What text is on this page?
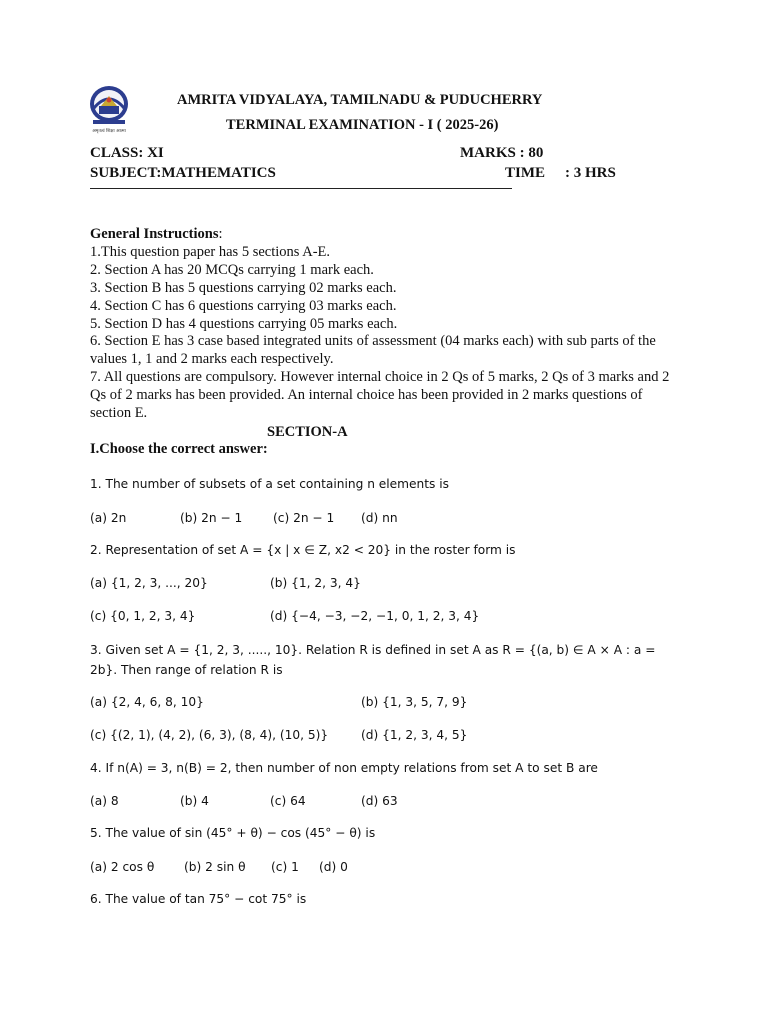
अमृतत्वं शिक्षा आत्मा
AMRITA VIDYALAYA, TAMILNADU & PUDUCHERRY
TERMINAL EXAMINATION - I ( 2025-26)
CLASS: XI	MARKS : 80
SUBJECT:MATHEMATICS	TIME : 3 HRS
General Instructions:
1.This question paper has 5 sections A-E.
2. Section A has 20 MCQs carrying 1 mark each.
3. Section B has 5 questions carrying 02 marks each.
4. Section C has 6 questions carrying 03 marks each.
5. Section D has 4 questions carrying 05 marks each.
6. Section E has 3 case based integrated units of assessment (04 marks each) with sub parts of the values 1, 1 and 2 marks each respectively.
7. All questions are compulsory. However internal choice in 2 Qs of 5 marks, 2 Qs of 3 marks and 2 Qs of 2 marks has been provided. An internal choice has been provided in 2 marks questions of section E.
SECTION-A
I.Choose the correct answer:
1. The number of subsets of a set containing n elements is
(a) 2n	(b) 2n − 1	(c) 2n − 1 (d) nn
2. Representation of set A = {x | x ∈ Z, x2 < 20} in the roster form is
(a) {1, 2, 3, ..., 20}	(b) {1, 2, 3, 4}
(c) {0, 1, 2, 3, 4}	(d) {−4, −3, −2, −1, 0, 1, 2, 3, 4}
3. Given set A = {1, 2, 3, ....., 10}. Relation R is defined in set A as R = {(a, b) ∈ A × A : a = 2b}. Then range of relation R is
(a) {2, 4, 6, 8, 10}	(b) {1, 3, 5, 7, 9}
(c) {(2, 1), (4, 2), (6, 3), (8, 4), (10, 5)}	(d) {1, 2, 3, 4, 5}
4. If n(A) = 3, n(B) = 2, then number of non empty relations from set A to set B are
(a) 8	(b) 4	(c) 64	(d) 63
5. The value of sin (45° + θ) − cos (45° − θ) is
(a) 2 cos θ (b) 2 sin θ (c) 1 (d) 0
6. The value of tan 75° − cot 75° is
